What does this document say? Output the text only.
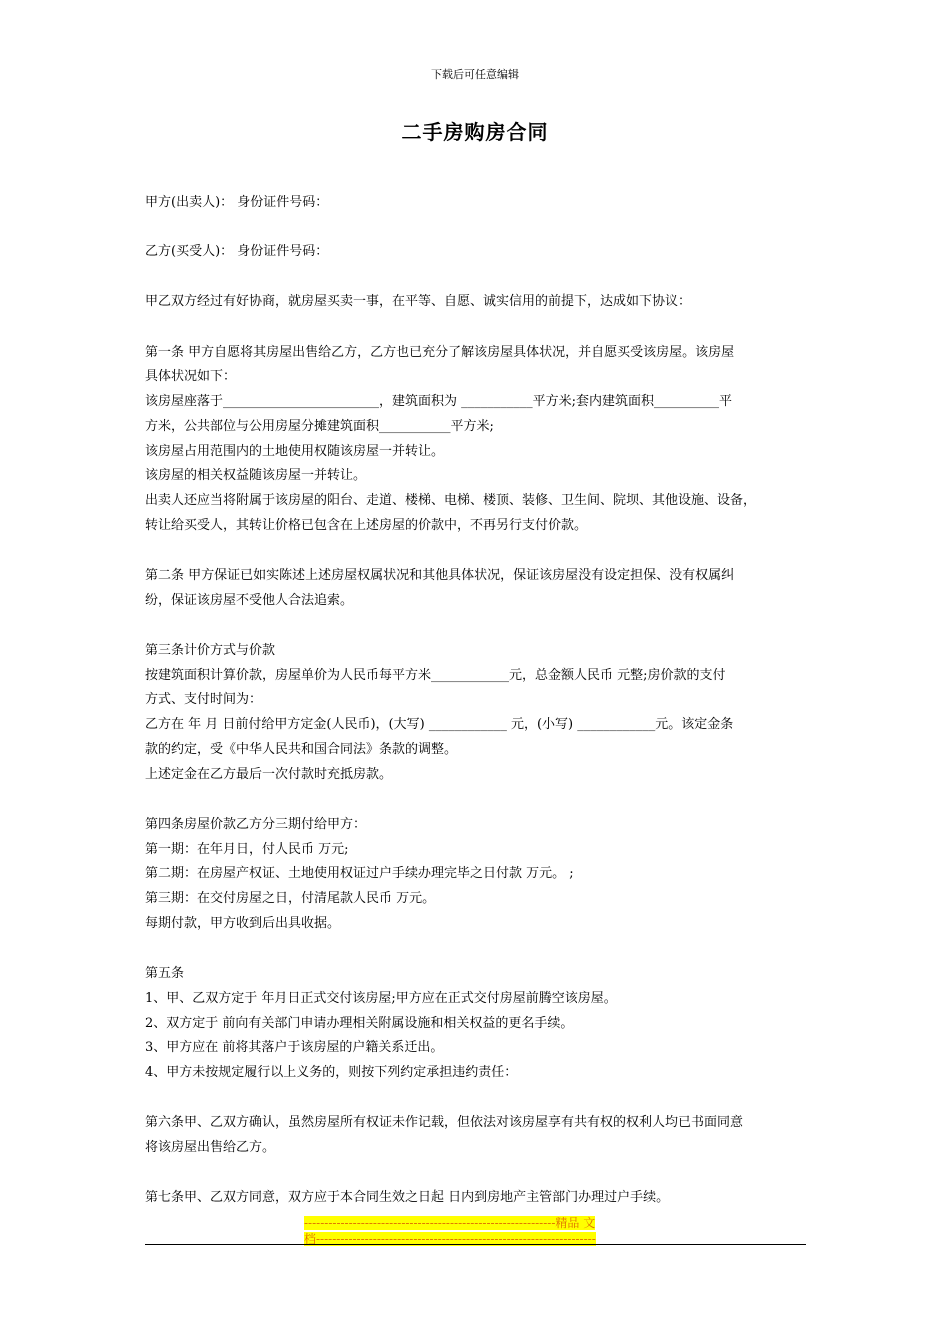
下载后可任意编辑
二手房购房合同
甲方(出卖人)： 身份证件号码：
乙方(买受人)： 身份证件号码：
甲乙双方经过有好协商，就房屋买卖一事，在平等、自愿、诚实信用的前提下，达成如下协议：
第一条 甲方自愿将其房屋出售给乙方，乙方也已充分了解该房屋具体状况，并自愿买受该房屋。该房屋
具体状况如下：
该房屋座落于________________________，建筑面积为 ___________平方米;套内建筑面积__________平
方米，公共部位与公用房屋分摊建筑面积___________平方米;
该房屋占用范围内的土地使用权随该房屋一并转让。
该房屋的相关权益随该房屋一并转让。
出卖人还应当将附属于该房屋的阳台、走道、楼梯、电梯、楼顶、装修、卫生间、院坝、其他设施、设备，
转让给买受人，其转让价格已包含在上述房屋的价款中，不再另行支付价款。
第二条 甲方保证已如实陈述上述房屋权属状况和其他具体状况，保证该房屋没有设定担保、没有权属纠
纷，保证该房屋不受他人合法追索。
第三条计价方式与价款
按建筑面积计算价款，房屋单价为人民币每平方米____________元，总金额人民币 元整;房价款的支付
方式、支付时间为：
乙方在 年 月 日前付给甲方定金(人民币)，(大写) ____________ 元，(小写) ____________元。该定金条
款的约定，受《中华人民共和国合同法》条款的调整。
上述定金在乙方最后一次付款时充抵房款。
第四条房屋价款乙方分三期付给甲方：
第一期：在年月日，付人民币 万元;
第二期：在房屋产权证、土地使用权证过户手续办理完毕之日付款 万元。 ;
第三期：在交付房屋之日，付清尾款人民币 万元。
每期付款，甲方收到后出具收据。
第五条
1、甲、乙双方定于 年月日正式交付该房屋;甲方应在正式交付房屋前腾空该房屋。
2、双方定于 前向有关部门申请办理相关附属设施和相关权益的更名手续。
3、甲方应在 前将其落户于该房屋的户籍关系迁出。
4、甲方未按规定履行以上义务的，则按下列约定承担违约责任：
第六条甲、乙双方确认，虽然房屋所有权证未作记载，但依法对该房屋享有共有权的权利人均已书面同意
将该房屋出售给乙方。
第七条甲、乙双方同意，双方应于本合同生效之日起 日内到房地产主管部门办理过户手续。
--------------------------------------------------------------精品 文
档---------------------------------------------------------------------
